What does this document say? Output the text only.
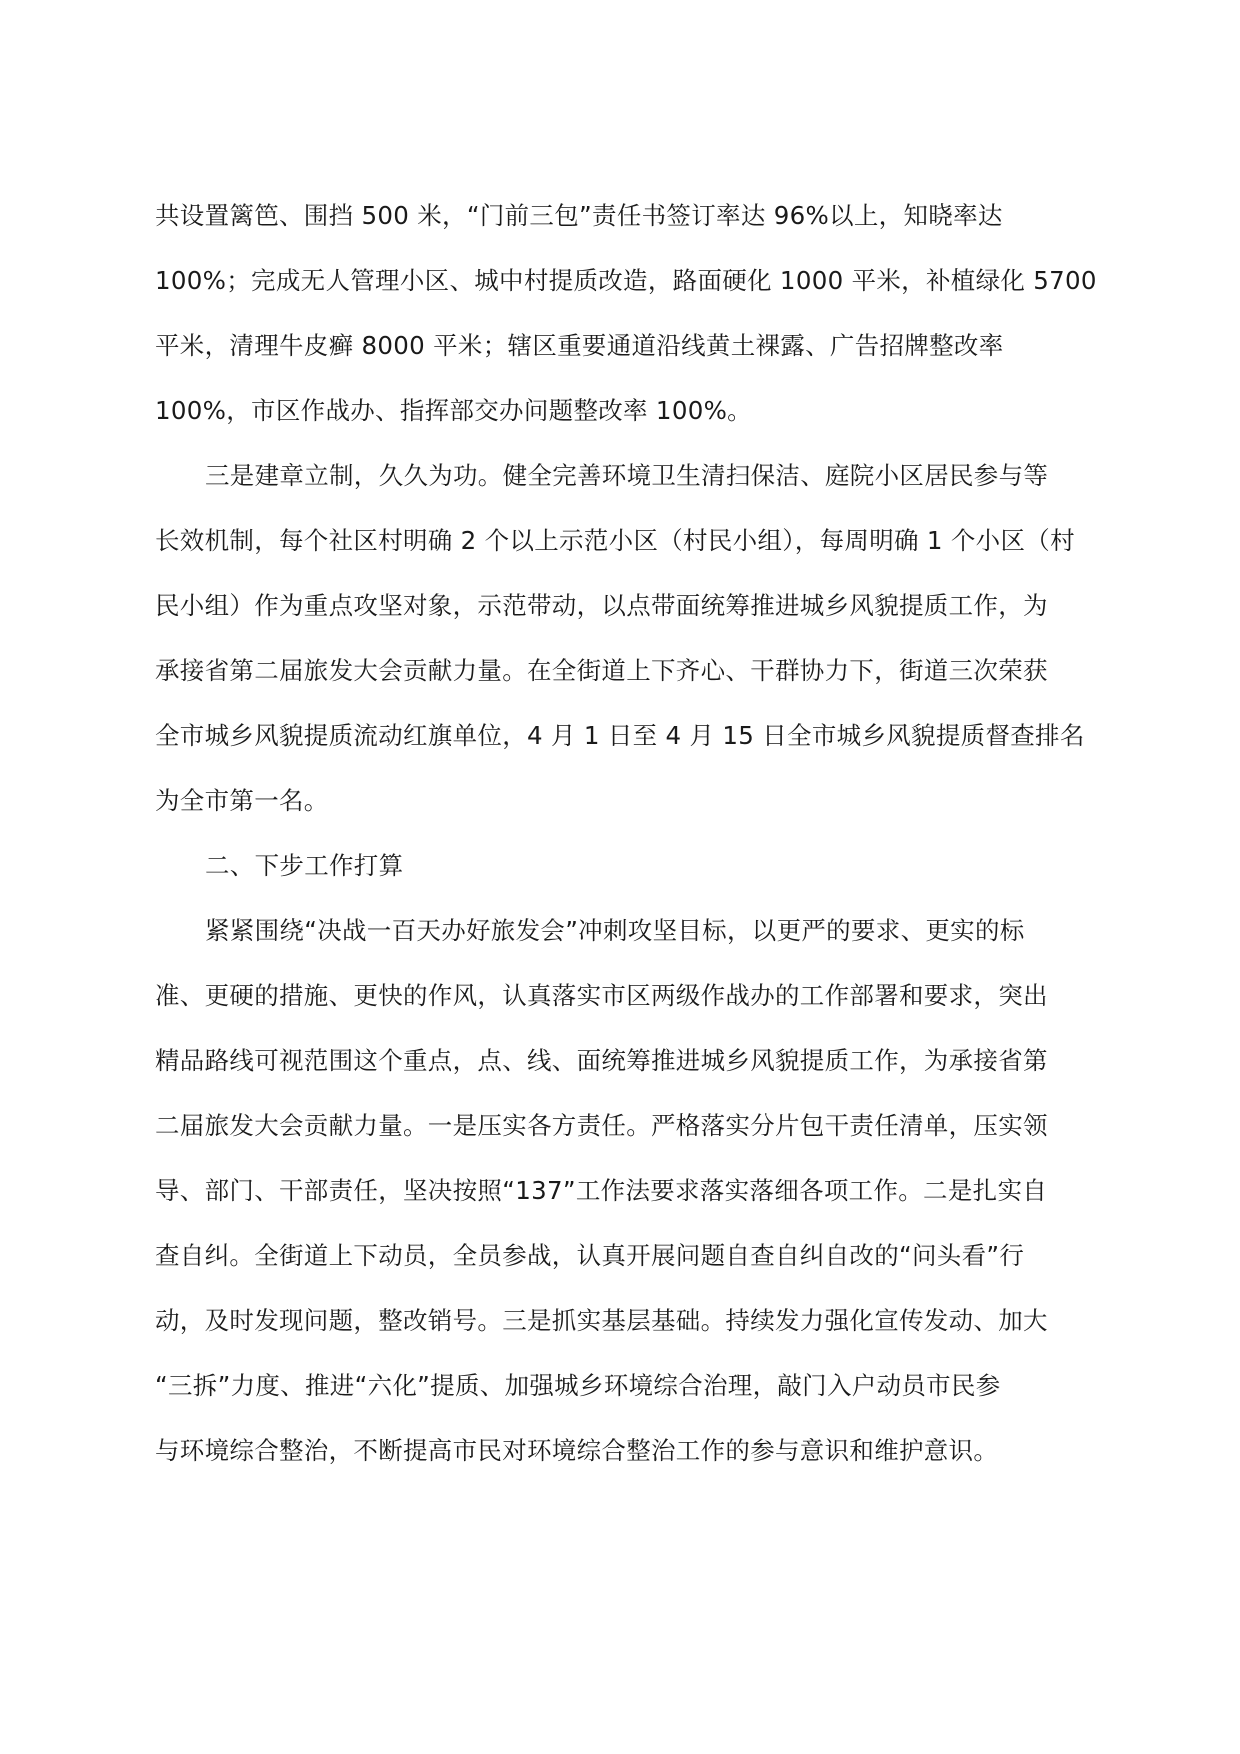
共设置篱笆、围挡 500 米，“门前三包”责任书签订率达 96%以上，知晓率达
100%；完成无人管理小区、城中村提质改造，路面硬化 1000 平米，补植绿化 5700
平米，清理牛皮癣 8000 平米；辖区重要通道沿线黄土裸露、广告招牌整改率
100%，市区作战办、指挥部交办问题整改率 100%。
三是建章立制，久久为功。健全完善环境卫生清扫保洁、庭院小区居民参与等
长效机制，每个社区村明确 2 个以上示范小区（村民小组），每周明确 1 个小区（村
民小组）作为重点攻坚对象，示范带动，以点带面统筹推进城乡风貌提质工作，为
承接省第二届旅发大会贡献力量。在全街道上下齐心、干群协力下，街道三次荣获
全市城乡风貌提质流动红旗单位，4 月 1 日至 4 月 15 日全市城乡风貌提质督查排名
为全市第一名。
二、下步工作打算
紧紧围绕“决战一百天办好旅发会”冲刺攻坚目标，以更严的要求、更实的标
准、更硬的措施、更快的作风，认真落实市区两级作战办的工作部署和要求，突出
精品路线可视范围这个重点，点、线、面统筹推进城乡风貌提质工作，为承接省第
二届旅发大会贡献力量。一是压实各方责任。严格落实分片包干责任清单，压实领
导、部门、干部责任，坚决按照“137”工作法要求落实落细各项工作。二是扎实自
查自纠。全街道上下动员，全员参战，认真开展问题自查自纠自改的“问头看”行
动，及时发现问题，整改销号。三是抓实基层基础。持续发力强化宣传发动、加大
“三拆”力度、推进“六化”提质、加强城乡环境综合治理，敲门入户动员市民参
与环境综合整治，不断提高市民对环境综合整治工作的参与意识和维护意识。
